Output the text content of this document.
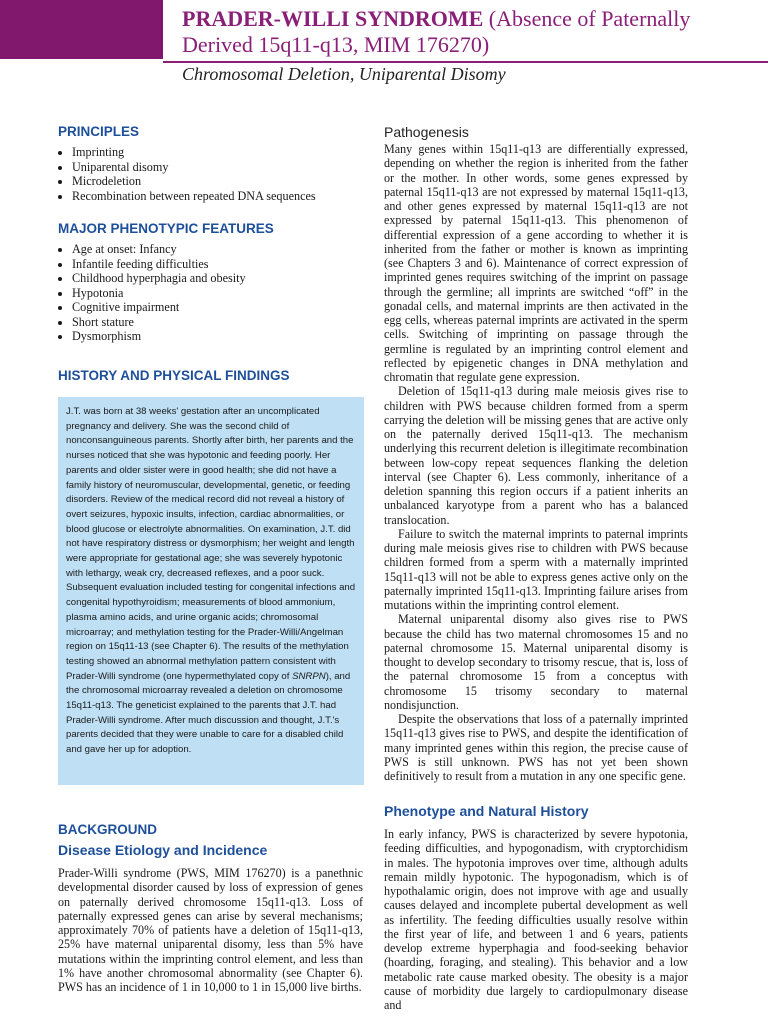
PRADER-WILLI SYNDROME (Absence of Paternally Derived 15q11-q13, MIM 176270)
Chromosomal Deletion, Uniparental Disomy
PRINCIPLES
• Imprinting
• Uniparental disomy
• Microdeletion
• Recombination between repeated DNA sequences
MAJOR PHENOTYPIC FEATURES
• Age at onset: Infancy
• Infantile feeding difficulties
• Childhood hyperphagia and obesity
• Hypotonia
• Cognitive impairment
• Short stature
• Dysmorphism
HISTORY AND PHYSICAL FINDINGS
J.T. was born at 38 weeks' gestation after an uncomplicated pregnancy and delivery. She was the second child of nonconsanguineous parents. Shortly after birth, her parents and the nurses noticed that she was hypotonic and feeding poorly. Her parents and older sister were in good health; she did not have a family history of neuromuscular, developmental, genetic, or feeding disorders. Review of the medical record did not reveal a history of overt seizures, hypoxic insults, infection, cardiac abnormalities, or blood glucose or electrolyte abnormalities. On examination, J.T. did not have respiratory distress or dysmorphism; her weight and length were appropriate for gestational age; she was severely hypotonic with lethargy, weak cry, decreased reflexes, and a poor suck. Subsequent evaluation included testing for congenital infections and congenital hypothyroidism; measurements of blood ammonium, plasma amino acids, and urine organic acids; chromosomal microarray; and methylation testing for the Prader-Willi/Angelman region on 15q11-13 (see Chapter 6). The results of the methylation testing showed an abnormal methylation pattern consistent with Prader-Willi syndrome (one hypermethylated copy of SNRPN), and the chromosomal microarray revealed a deletion on chromosome 15q11-q13. The geneticist explained to the parents that J.T. had Prader-Willi syndrome. After much discussion and thought, J.T.'s parents decided that they were unable to care for a disabled child and gave her up for adoption.
BACKGROUND
Disease Etiology and Incidence

Prader-Willi syndrome (PWS, MIM 176270) is a panethnic developmental disorder caused by loss of expression of genes on paternally derived chromosome 15q11-q13. Loss of paternally expressed genes can arise by several mechanisms; approximately 70% of patients have a deletion of 15q11-q13, 25% have maternal uniparental disomy, less than 5% have mutations within the imprinting control element, and less than 1% have another chromosomal abnormality (see Chapter 6). PWS has an incidence of 1 in 10,000 to 1 in 15,000 live births.

Pathogenesis

Many genes within 15q11-q13 are differentially expressed, depending on whether the region is inherited from the father or the mother. In other words, some genes expressed by paternal 15q11-q13 are not expressed by maternal 15q11-q13, and other genes expressed by maternal 15q11-q13 are not expressed by paternal 15q11-q13. This phenomenon of differential expression of a gene according to whether it is inherited from the father or mother is known as imprinting (see Chapters 3 and 6). Maintenance of correct expression of imprinted genes requires switching of the imprint on passage through the germline; all imprints are switched “off” in the gonadal cells, and maternal imprints are then activated in the egg cells, whereas paternal imprints are activated in the sperm cells. Switching of imprinting on passage through the germline is regulated by an imprinting control element and reflected by epigenetic changes in DNA methylation and chromatin that regulate gene expression.

Deletion of 15q11-q13 during male meiosis gives rise to children with PWS because children formed from a sperm carrying the deletion will be missing genes that are active only on the paternally derived 15q11-q13. The mechanism underlying this recurrent deletion is illegitimate recombination between low-copy repeat sequences flanking the deletion interval (see Chapter 6). Less commonly, inheritance of a deletion spanning this region occurs if a patient inherits an unbalanced karyotype from a parent who has a balanced translocation.

Failure to switch the maternal imprints to paternal imprints during male meiosis gives rise to children with PWS because children formed from a sperm with a maternally imprinted 15q11-q13 will not be able to express genes active only on the paternally imprinted 15q11-q13. Imprinting failure arises from mutations within the imprinting control element.

Maternal uniparental disomy also gives rise to PWS because the child has two maternal chromosomes 15 and no paternal chromosome 15. Maternal uniparental disomy is thought to develop secondary to trisomy rescue, that is, loss of the paternal chromosome 15 from a conceptus with chromosome 15 trisomy secondary to maternal nondisjunction.

Despite the observations that loss of a paternally imprinted 15q11-q13 gives rise to PWS, and despite the identification of many imprinted genes within this region, the precise cause of PWS is still unknown. PWS has not yet been shown definitively to result from a mutation in any one specific gene.

Phenotype and Natural History

In early infancy, PWS is characterized by severe hypotonia, feeding difficulties, and hypogonadism, with cryptorchidism in males. The hypotonia improves over time, although adults remain mildly hypotonic. The hypogonadism, which is of hypothalamic origin, does not improve with age and usually causes delayed and incomplete pubertal development as well as infertility. The feeding difficulties usually resolve within the first year of life, and between 1 and 6 years, patients develop extreme hyperphagia and food-seeking behavior (hoarding, foraging, and stealing). This behavior and a low metabolic rate cause marked obesity. The obesity is a major cause of morbidity due largely to cardiopulmonary disease and
